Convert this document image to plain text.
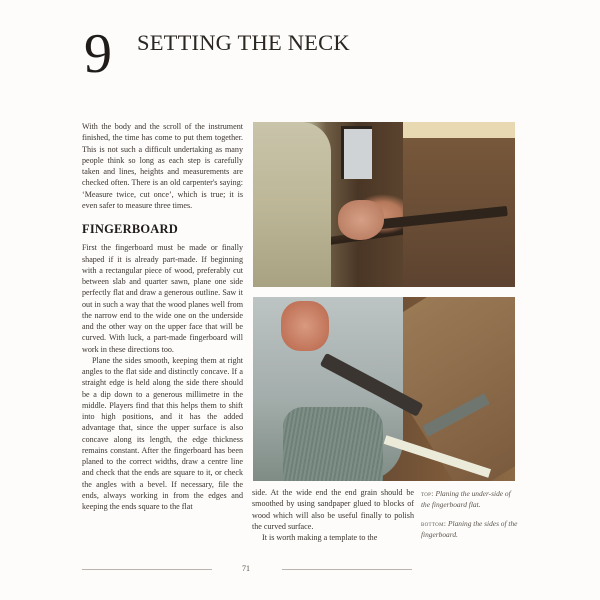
9 SETTING THE NECK

With the body and the scroll of the instrument finished, the time has come to put them together. This is not such a difficult undertaking as many people think so long as each step is carefully taken and lines, heights and measurements are checked often. There is an old carpenter's saying: ‘Measure twice, cut once’, which is true; it is even safer to measure three times.

FINGERBOARD

First the fingerboard must be made or finally shaped if it is already part-made. If beginning with a rectangular piece of wood, preferably cut between slab and quarter sawn, plane one side perfectly flat and draw a generous outline. Saw it out in such a way that the wood planes well from the narrow end to the wide one on the underside and the other way on the upper face that will be curved. With luck, a part-made fingerboard will work in these directions too.

Plane the sides smooth, keeping them at right angles to the flat side and distinctly concave. If a straight edge is held along the side there should be a dip down to a generous millimetre in the middle. Players find that this helps them to shift into high positions, and it has the added advantage that, since the upper surface is also concave along its length, the edge thickness remains constant. After the fingerboard has been planed to the correct widths, draw a centre line and check that the ends are square to it, or check the angles with a bevel. If necessary, file the ends, always working in from the edges and keeping the ends square to the flat

side. At the wide end the end grain should be smoothed by using sandpaper glued to blocks of wood which will also be useful finally to polish the curved surface.

It is worth making a template to the

top: Planing the under-side of the fingerboard flat.

bottom: Planing the sides of the fingerboard.

71
